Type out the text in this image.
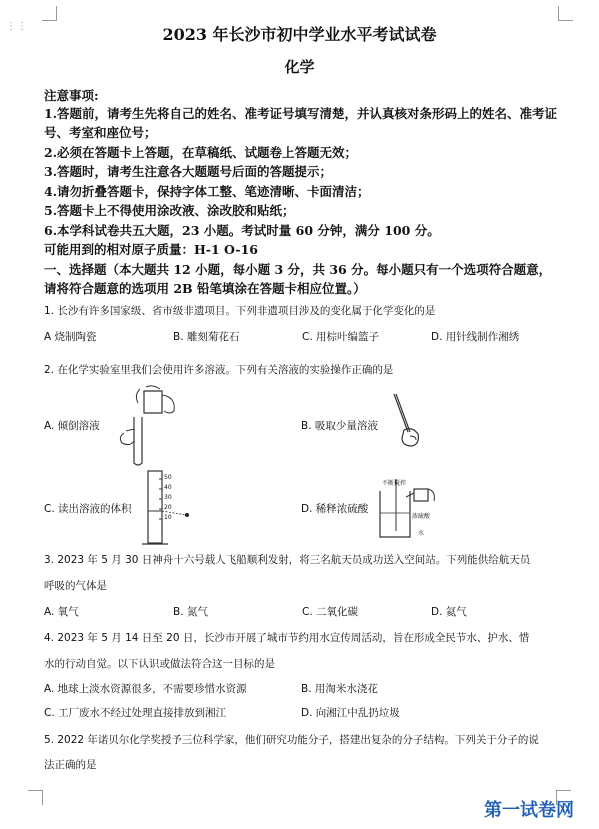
⋮⋮	2023 年长沙市初中学业水平考试试卷
化学
注意事项:
1.答题前，请考生先将自己的姓名、准考证号填写清楚，并认真核对条形码上的姓名、准考证
号、考室和座位号；
2.必须在答题卡上答题，在草稿纸、试题卷上答题无效；
3.答题时，请考生注意各大题题号后面的答题提示；
4.请勿折叠答题卡，保持字体工整、笔迹清晰、卡面清洁；
5.答题卡上不得使用涂改液、涂改胶和贴纸；
6.本学科试卷共五大题，23 小题。考试时量 60 分钟，满分 100 分。
可能用到的相对原子质量：H-1 O-16
一、选择题（本大题共 12 小题，每小题 3 分，共 36 分。每小题只有一个选项符合题意，
请将符合题意的选项用 2B 铅笔填涂在答题卡相应位置。）
1. 长沙有许多国家级、省市级非遗项目。下列非遗项目涉及的变化属于化学变化的是
A 烧制陶瓷	B. 雕刻菊花石	C. 用棕叶编篮子	D. 用针线制作湘绣
2. 在化学实验室里我们会使用许多溶液。下列有关溶液的实验操作正确的是
A. 倾倒溶液	B. 吸取少量溶液
C. 读出溶液的体积
50
40
30
20
10
D. 稀释浓硫酸
不断搅拌
浓硫酸
水
3. 2023 年 5 月 30 日神舟十六号载人飞船顺利发射，将三名航天员成功送入空间站。下列能供给航天员
呼吸的气体是
A. 氧气	B. 氮气	C. 二氧化碳	D. 氦气
4. 2023 年 5 月 14 日至 20 日，长沙市开展了城市节约用水宣传周活动，旨在形成全民节水、护水、惜
水的行动自觉。以下认识或做法符合这一目标的是
A. 地球上淡水资源很多，不需要珍惜水资源	B. 用淘米水浇花
C. 工厂废水不经过处理直接排放到湘江	D. 向湘江中乱扔垃圾
5. 2022 年诺贝尔化学奖授予三位科学家，他们研究功能分子，搭建出复杂的分子结构。下列关于分子的说
法正确的是
第一试卷网
